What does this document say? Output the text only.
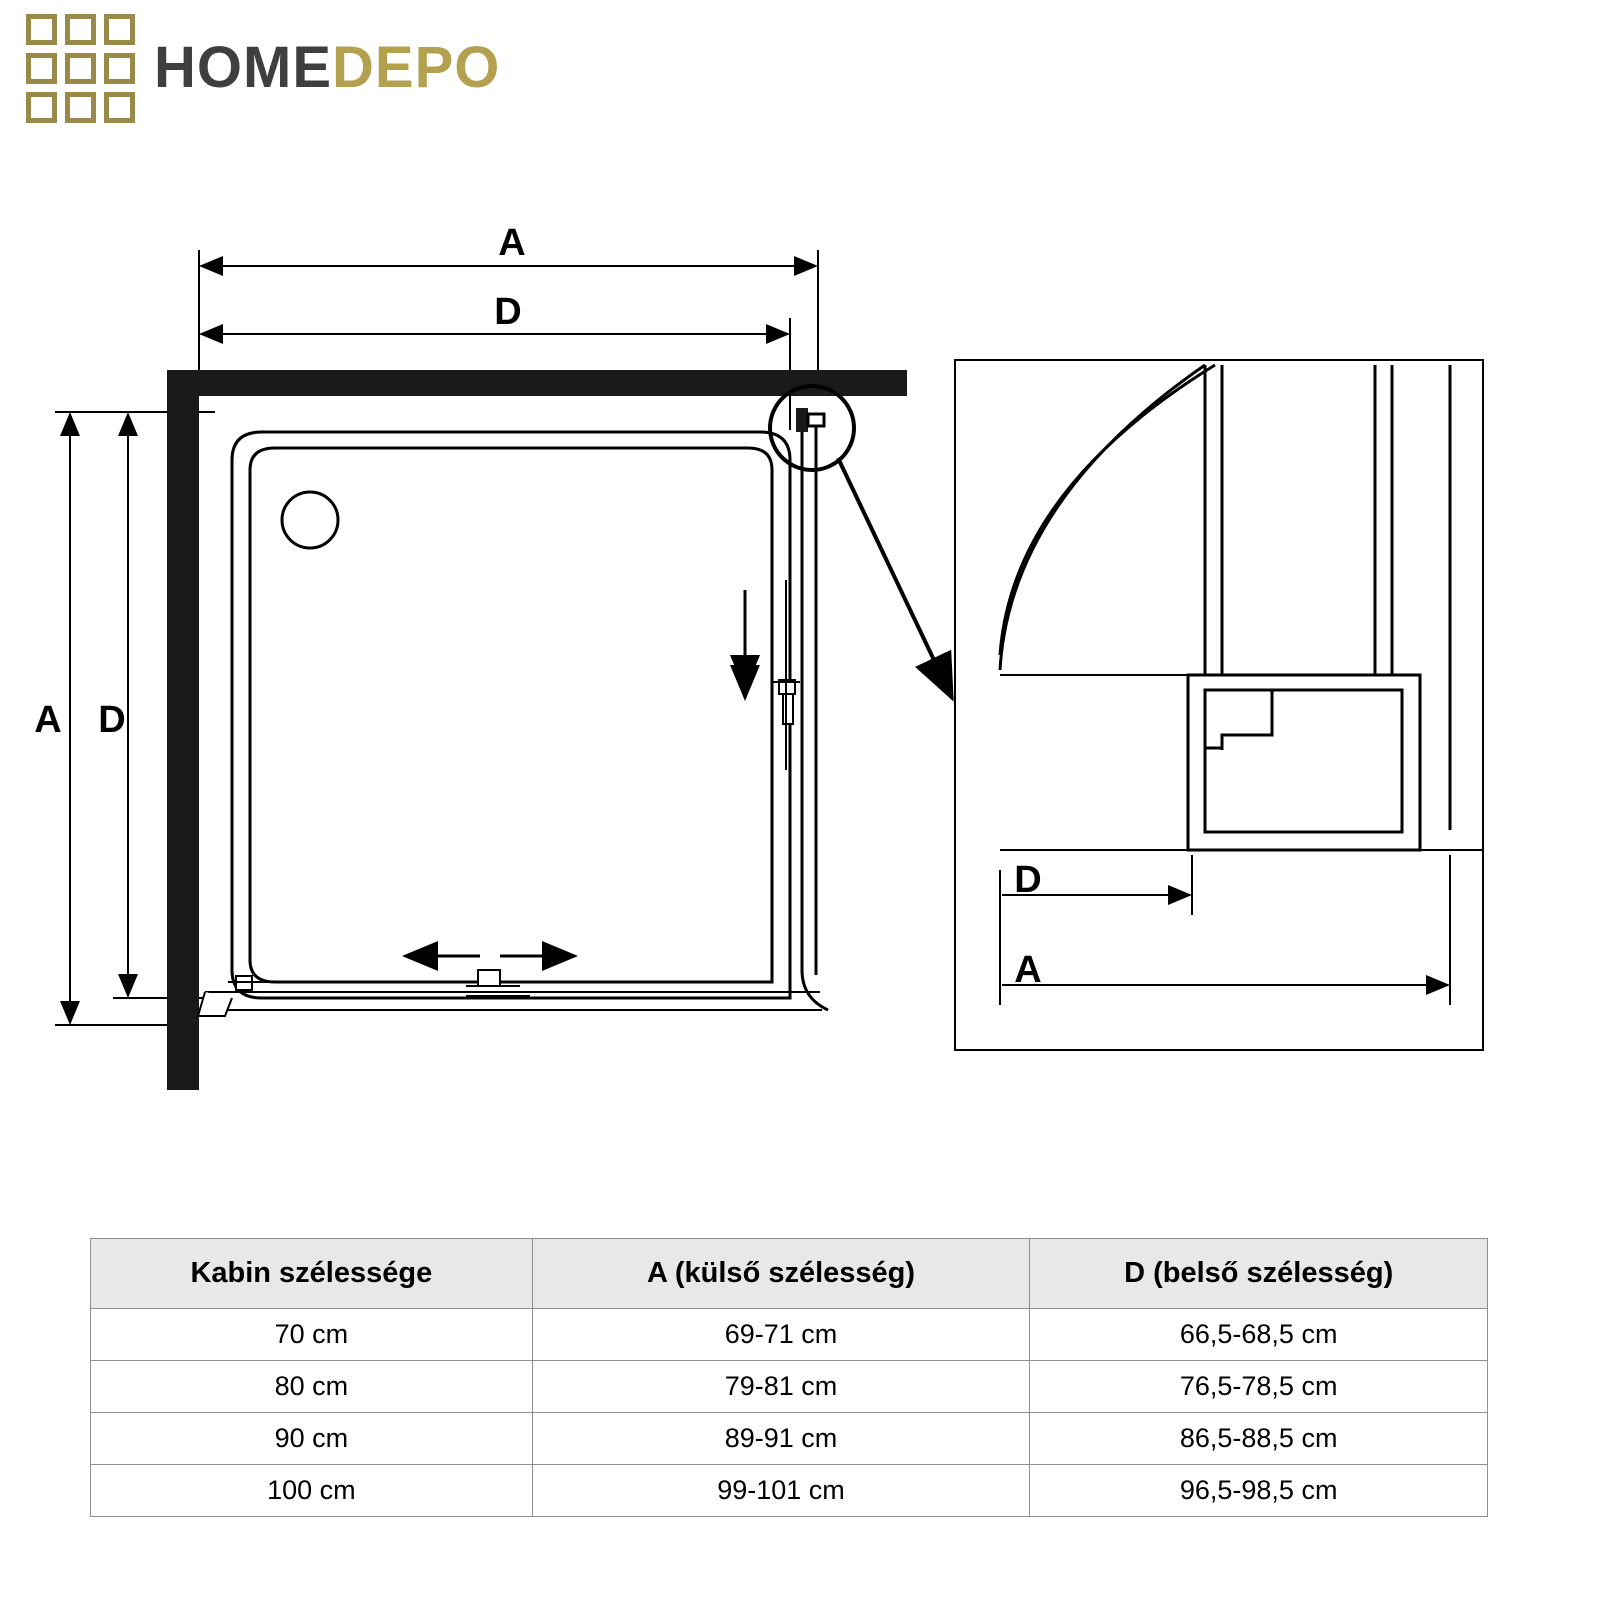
HOMEDEPO
A
D
A D
D
A
Kabin szélessége	A (külső szélesség)	D (belső szélesség)
70 cm	69-71 cm	66,5-68,5 cm
80 cm	79-81 cm	76,5-78,5 cm
90 cm	89-91 cm	86,5-88,5 cm
100 cm	99-101 cm	96,5-98,5 cm
